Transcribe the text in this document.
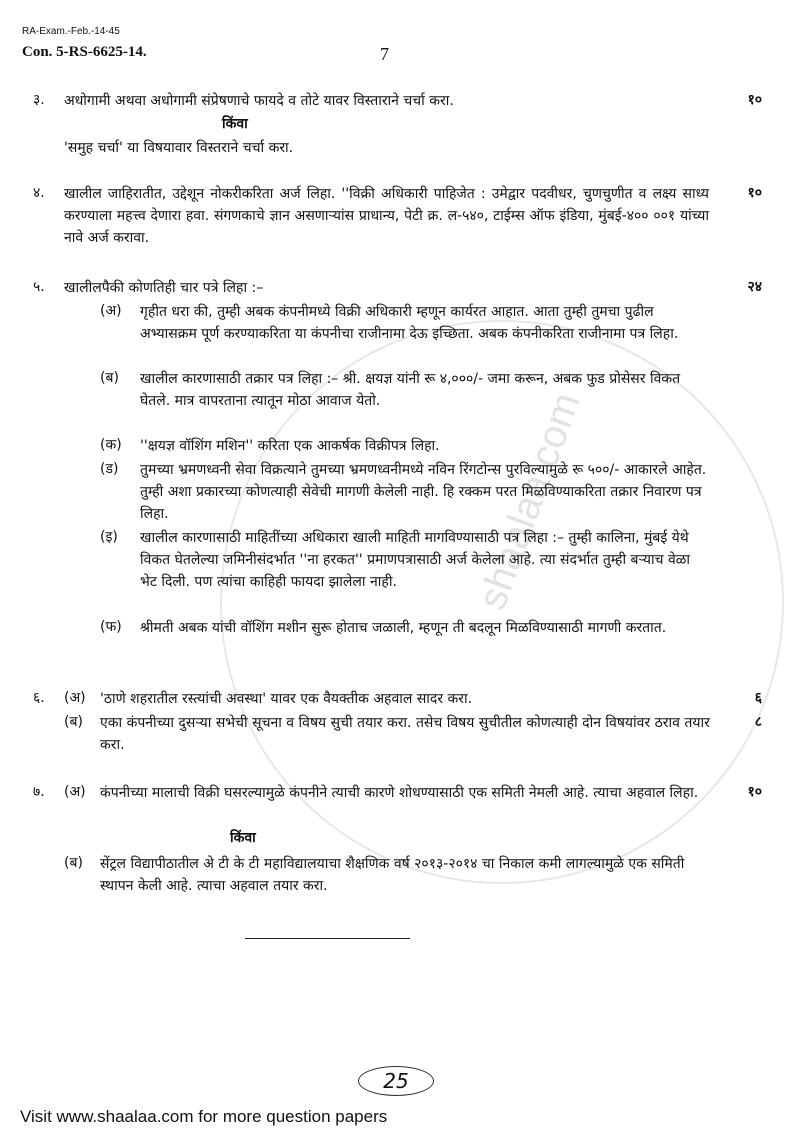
shaalaa.com
RA-Exam.-Feb.-14-45
Con. 5-RS-6625-14.	7
३. अधोगामी अथवा अधोगामी संप्रेषणाचे फायदे व तोटे यावर विस्ताराने चर्चा करा.	१०
किंवा
'समुह चर्चा' या विषयावार विस्तराने चर्चा करा.
४. खालील जाहिरातीत, उद्देशून नोकरीकरिता अर्ज लिहा. ''विक्री अधिकारी पाहिजेत : उमेद्वार पदवीधर, चुणचुणीत व लक्ष्य साध्य करण्याला महत्त्व देणारा हवा. संगणकाचे ज्ञान असणाऱ्यांस प्राधान्य, पेटी क्र. ल-५४०, टाईम्स ऑफ इंडिया, मुंबई-४०० ००१ यांच्या नावे अर्ज करावा.
१०
५. खालीलपैकी कोणतिही चार पत्रे लिहा :–	२४
(अ) गृहीत धरा की, तुम्ही अबक कंपनीमध्ये विक्री अधिकारी म्हणून कार्यरत आहात. आता तुम्ही तुमचा पुढील अभ्यासक्रम पूर्ण करण्याकरिता या कंपनीचा राजीनामा देऊ इच्छिता. अबक कंपनीकरिता राजीनामा पत्र लिहा.
(ब) खालील कारणासाठी तक्रार पत्र लिहा :– श्री. क्षयज्ञ यांनी रू ४,०००/- जमा करून, अबक फुड प्रोसेसर विकत घेतले. मात्र वापरताना त्यातून मोठा आवाज येतो.
(क) ''क्षयज्ञ वॉशिंग मशिन'' करिता एक आकर्षक विक्रीपत्र लिहा.
(ड) तुमच्या भ्रमणध्वनी सेवा विक्रत्याने तुमच्या भ्रमणध्वनीमध्ये नविन रिंगटोन्स पुरविल्यामुळे रू ५००/- आकारले आहेत. तुम्ही अशा प्रकारच्या कोणत्याही सेवेची मागणी केलेली नाही. हि रक्कम परत मिळविण्याकरिता तक्रार निवारण पत्र लिहा.
(इ) खालील कारणासाठी माहितींच्या अधिकारा खाली माहिती मागविण्यासाठी पत्र लिहा :– तुम्ही कालिना, मुंबई येथे विकत घेतलेल्या जमिनीसंदर्भात ''ना हरकत'' प्रमाणपत्रासाठी अर्ज केलेला आहे. त्या संदर्भात तुम्ही बऱ्याच वेळा भेट दिली. पण त्यांचा काहिही फायदा झालेला नाही.
(फ) श्रीमती अबक यांची वॉशिंग मशीन सुरू होताच जळाली, म्हणून ती बदलून मिळविण्यासाठी मागणी करतात.
६. (अ) 'ठाणे शहरातील रस्त्यांची अवस्था' यावर एक वैयक्तीक अहवाल सादर करा.	६
(ब) एका कंपनीच्या दुसऱ्या सभेची सूचना व विषय सुची तयार करा. तसेच विषय सुचीतील कोणत्याही दोन विषयांवर ठराव तयार करा.
८
७. (अ) कंपनीच्या मालाची विक्री घसरल्यामुळे कंपनीने त्याची कारणे शोधण्यासाठी एक समिती नेमली आहे. त्याचा अहवाल लिहा.	१०
किंवा
(ब) सेंट्रल विद्यापीठातील अे टी के टी महाविद्यालयाचा शैक्षणिक वर्ष २०१३-२०१४ चा निकाल कमी लागल्यामुळे एक समिती स्थापन केली आहे. त्याचा अहवाल तयार करा.
25
Visit www.shaalaa.com for more question papers
